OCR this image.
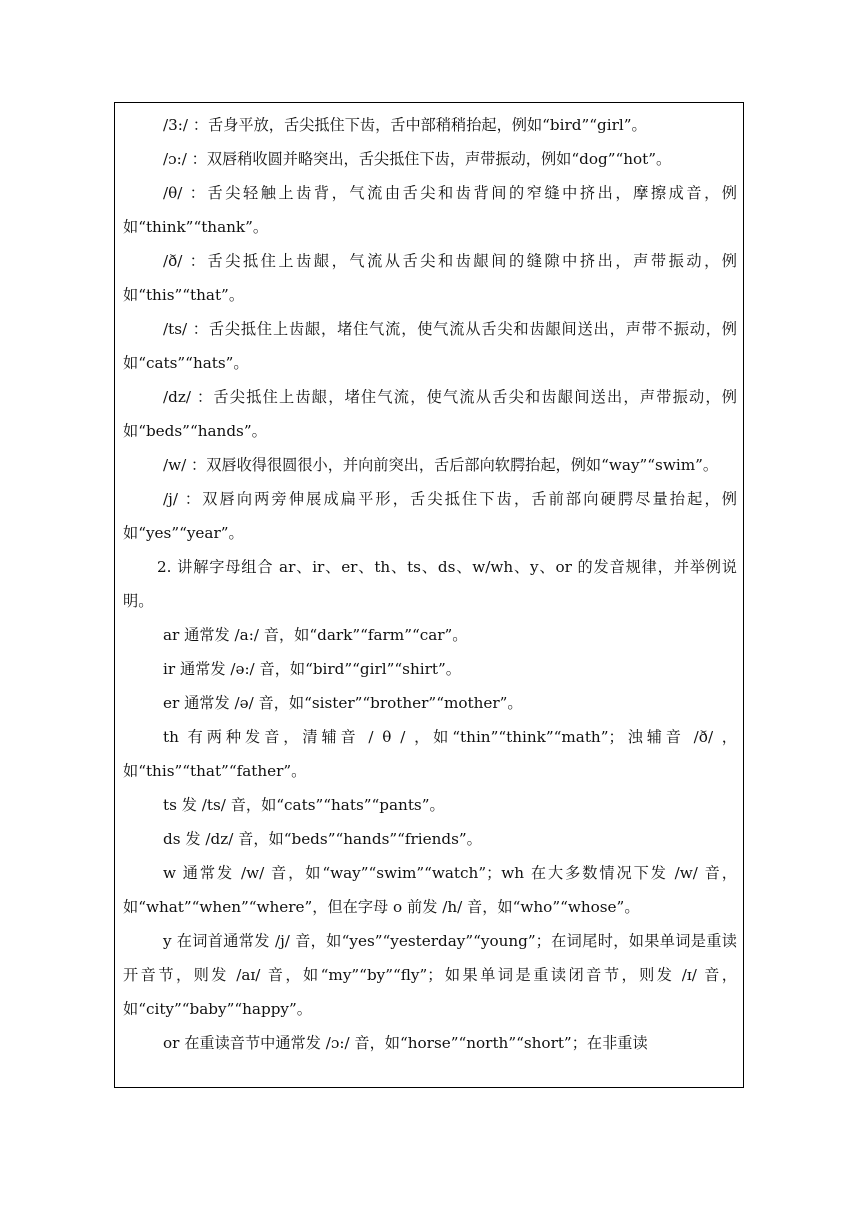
/3:/ ：舌身平放，舌尖抵住下齿，舌中部稍稍抬起，例如“bird”“girl”。

/ɔ:/ ：双唇稍收圆并略突出，舌尖抵住下齿，声带振动，例如“dog”“hot”。

/θ/ ：舌尖轻触上齿背，气流由舌尖和齿背间的窄缝中挤出，摩擦成音，例如“think”“thank”。

/ð/ ：舌尖抵住上齿龈，气流从舌尖和齿龈间的缝隙中挤出，声带振动，例如“this”“that”。

/ts/ ：舌尖抵住上齿龈，堵住气流，使气流从舌尖和齿龈间送出，声带不振动，例如“cats”“hats”。

/dz/ ：舌尖抵住上齿龈，堵住气流，使气流从舌尖和齿龈间送出，声带振动，例如“beds”“hands”。

/w/ ：双唇收得很圆很小，并向前突出，舌后部向软腭抬起，例如“way”“swim”。

/j/ ：双唇向两旁伸展成扁平形，舌尖抵住下齿，舌前部向硬腭尽量抬起，例如“yes”“year”。

2. 讲解字母组合 ar、ir、er、th、ts、ds、w/wh、y、or 的发音规律，并举例说明。

ar 通常发 /a:/ 音，如“dark”“farm”“car”。

ir 通常发 /ə:/ 音，如“bird”“girl”“shirt”。

er 通常发 /ə/ 音，如“sister”“brother”“mother”。

th 有两种发音，清辅音 / θ / ，如“thin”“think”“math”；浊辅音 /ð/ ，如“this”“that”“father”。

ts 发 /ts/ 音，如“cats”“hats”“pants”。

ds 发 /dz/ 音，如“beds”“hands”“friends”。

w 通常发 /w/ 音，如“way”“swim”“watch”；wh 在大多数情况下发 /w/ 音，如“what”“when”“where”，但在字母 o 前发 /h/ 音，如“who”“whose”。

y 在词首通常发 /j/ 音，如“yes”“yesterday”“young”；在词尾时，如果单词是重读开音节，则发 /aɪ/ 音，如“my”“by”“fly”；如果单词是重读闭音节，则发 /ɪ/ 音，如“city”“baby”“happy”。

or 在重读音节中通常发 /ɔ:/ 音，如“horse”“north”“short”；在非重读
